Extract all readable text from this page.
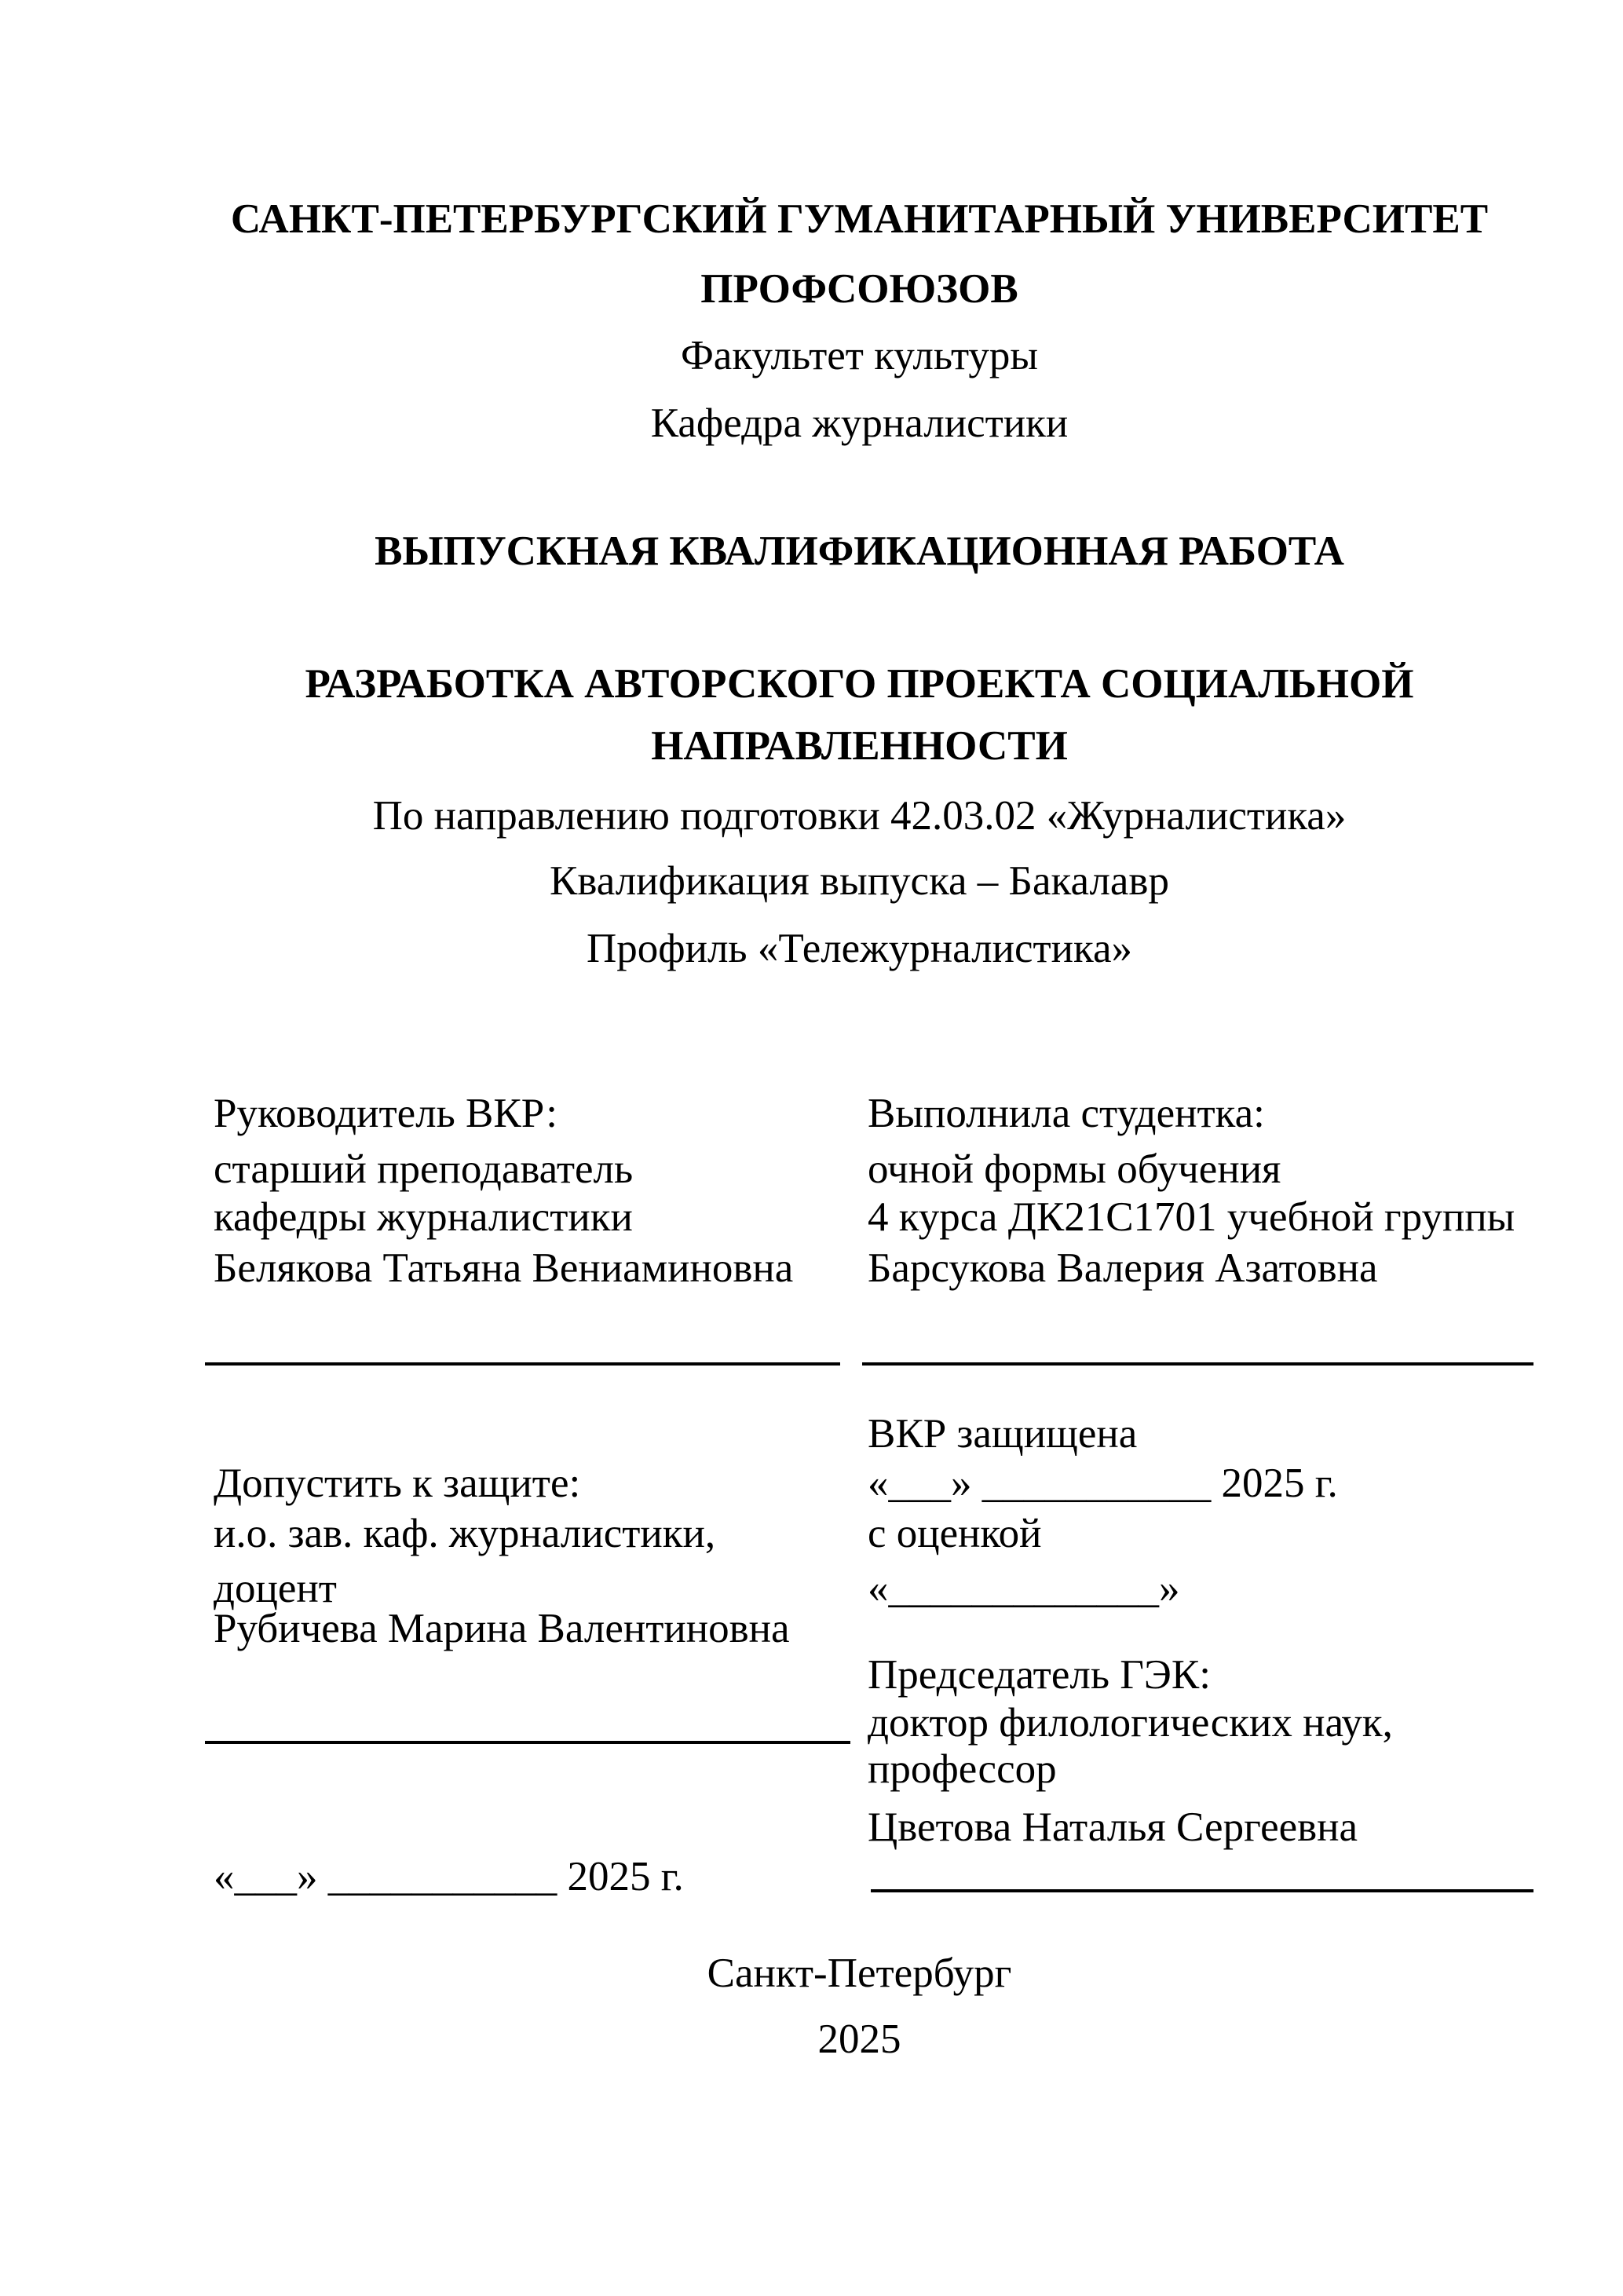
САНКТ-ПЕТЕРБУРГСКИЙ ГУМАНИТАРНЫЙ УНИВЕРСИТЕТ
ПРОФСОЮЗОВ
Факультет культуры
Кафедра журналистики
ВЫПУСКНАЯ КВАЛИФИКАЦИОННАЯ РАБОТА
РАЗРАБОТКА АВТОРСКОГО ПРОЕКТА СОЦИАЛЬНОЙ
НАПРАВЛЕННОСТИ
По направлению подготовки 42.03.02 «Журналистика»
Квалификация выпуска – Бакалавр
Профиль «Тележурналистика»
Руководитель ВКР:
старший преподаватель
кафедры журналистики
Белякова Татьяна Вениаминовна
Выполнила студентка:
очной формы обучения
4 курса ДК21С1701 учебной группы
Барсукова Валерия Азатовна
ВКР защищена
«___» ___________ 2025 г.
с оценкой
«_____________»
Допустить к защите:
и.о. зав. каф. журналистики,
доцент
Рубичева Марина Валентиновна
Председатель ГЭК:
доктор филологических наук,
профессор
Цветова Наталья Сергеевна
«___» ___________ 2025 г.
Санкт-Петербург
2025
